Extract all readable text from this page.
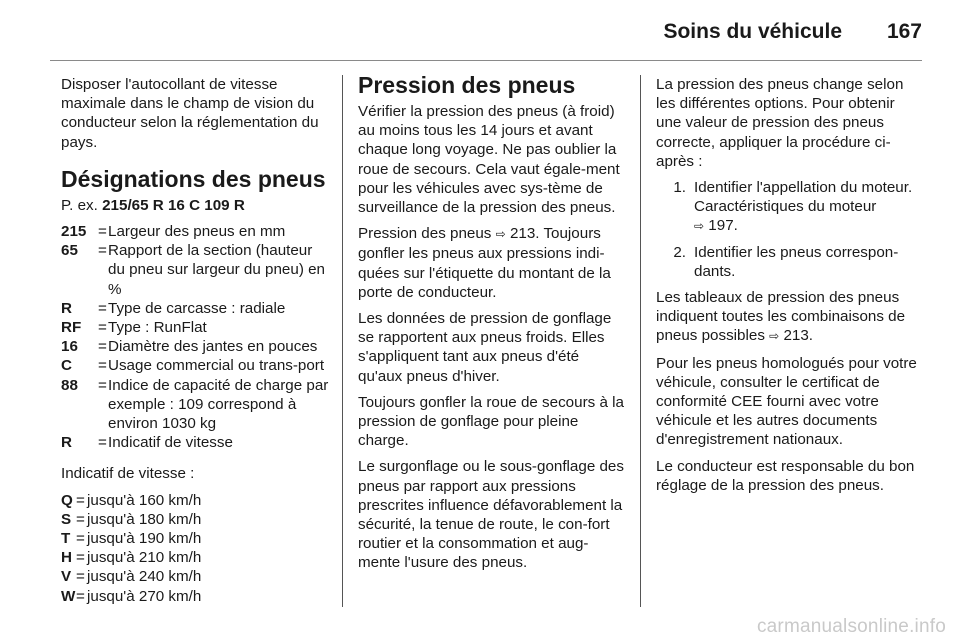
Soins du véhicule 167

Disposer l'autocollant de vitesse maximale dans le champ de vision du conducteur selon la réglementation du pays.

Désignations des pneus

P. ex. 215/65 R 16 C 109 R

215 = Largeur des pneus en mm
65	= Rapport de la section (hauteur du pneu sur largeur du pneu) en %
R	= Type de carcasse : radiale
RF	= Type : RunFlat
16	= Diamètre des jantes en pouces
C	= Usage commercial ou trans-port
88	= Indice de capacité de charge par exemple : 109 correspond à environ 1030 kg
R	= Indicatif de vitesse

Indicatif de vitesse :

Q = jusqu'à 160 km/h
S = jusqu'à 180 km/h
T = jusqu'à 190 km/h
H = jusqu'à 210 km/h
V = jusqu'à 240 km/h
W = jusqu'à 270 km/h
Pression des pneus

Vérifier la pression des pneus (à froid) au moins tous les 14 jours et avant chaque long voyage. Ne pas oublier la roue de secours. Cela vaut égale-ment pour les véhicules avec sys-tème de surveillance de la pression des pneus.

Pression des pneus ⇨ 213. Toujours gonfler les pneus aux pressions indi-quées sur l'étiquette du montant de la porte de conducteur.

Les données de pression de gonflage se rapportent aux pneus froids. Elles s'appliquent tant aux pneus d'été qu'aux pneus d'hiver.

Toujours gonfler la roue de secours à la pression de gonflage pour pleine charge.

Le surgonflage ou le sous-gonflage des pneus par rapport aux pressions prescrites influence défavorablement la sécurité, la tenue de route, le con-fort routier et la consommation et aug-mente l'usure des pneus.

La pression des pneus change selon les différentes options. Pour obtenir une valeur de pression des pneus correcte, appliquer la procédure ci-après :

1. Identifier l'appellation du moteur. Caractéristiques du moteur
⇨ 197.
2. Identifier les pneus correspon-dants.

Les tableaux de pression des pneus indiquent toutes les combinaisons de pneus possibles ⇨ 213.

Pour les pneus homologués pour votre véhicule, consulter le certificat de conformité CEE fourni avec votre véhicule et les autres documents d'enregistrement nationaux.

Le conducteur est responsable du bon réglage de la pression des pneus.

carmanualsonline.info
